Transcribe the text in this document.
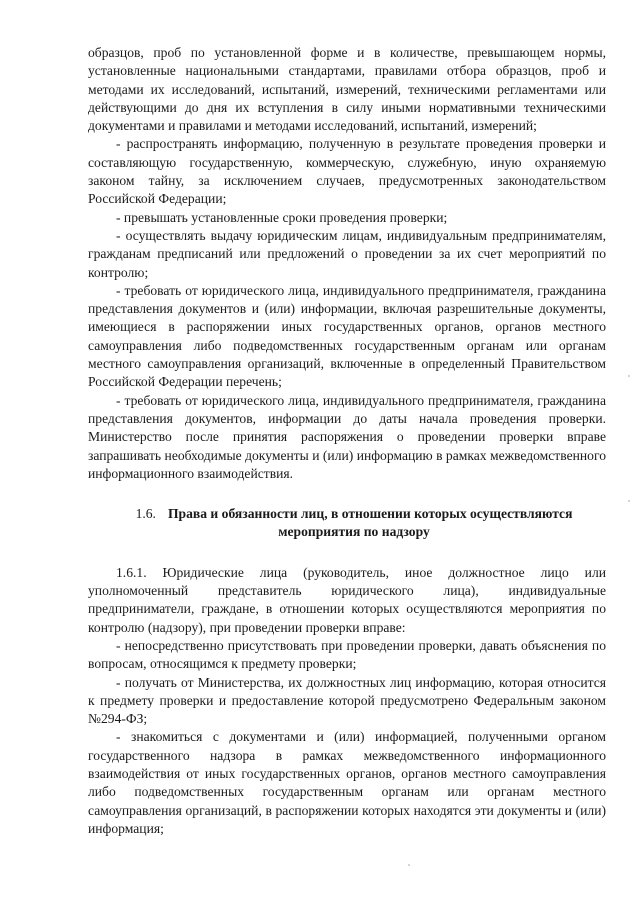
образцов, проб по установленной форме и в количестве, превышающем нормы, установленные национальными стандартами, правилами отбора образцов, проб и методами их исследований, испытаний, измерений, техническими регламентами или действующими до дня их вступления в силу иными нормативными техническими документами и правилами и методами исследований, испытаний, измерений;

- распространять информацию, полученную в результате проведения проверки и составляющую государственную, коммерческую, служебную, иную охраняемую законом тайну, за исключением случаев, предусмотренных законодательством Российской Федерации;

- превышать установленные сроки проведения проверки;

- осуществлять выдачу юридическим лицам, индивидуальным предпринимателям, гражданам предписаний или предложений о проведении за их счет мероприятий по контролю;

- требовать от юридического лица, индивидуального предпринимателя, гражданина представления документов и (или) информации, включая разрешительные документы, имеющиеся в распоряжении иных государственных органов, органов местного самоуправления либо подведомственных государственным органам или органам местного самоуправления организаций, включенные в определенный Правительством Российской Федерации перечень;

- требовать от юридического лица, индивидуального предпринимателя, гражданина представления документов, информации до даты начала проведения проверки. Министерство после принятия распоряжения о проведении проверки вправе запрашивать необходимые документы и (или) информацию в рамках межведомственного информационного взаимодействия.

1.6. Права и обязанности лиц, в отношении которых осуществляются мероприятия по надзору

1.6.1. Юридические лица (руководитель, иное должностное лицо или уполномоченный представитель юридического лица), индивидуальные предприниматели, граждане, в отношении которых осуществляются мероприятия по контролю (надзору), при проведении проверки вправе:

- непосредственно присутствовать при проведении проверки, давать объяснения по вопросам, относящимся к предмету проверки;

- получать от Министерства, их должностных лиц информацию, которая относится к предмету проверки и предоставление которой предусмотрено Федеральным законом №294-ФЗ;

- знакомиться с документами и (или) информацией, полученными органом государственного надзора в рамках межведомственного информационного взаимодействия от иных государственных органов, органов местного самоуправления либо подведомственных государственным органам или органам местного самоуправления организаций, в распоряжении которых находятся эти документы и (или) информация;
